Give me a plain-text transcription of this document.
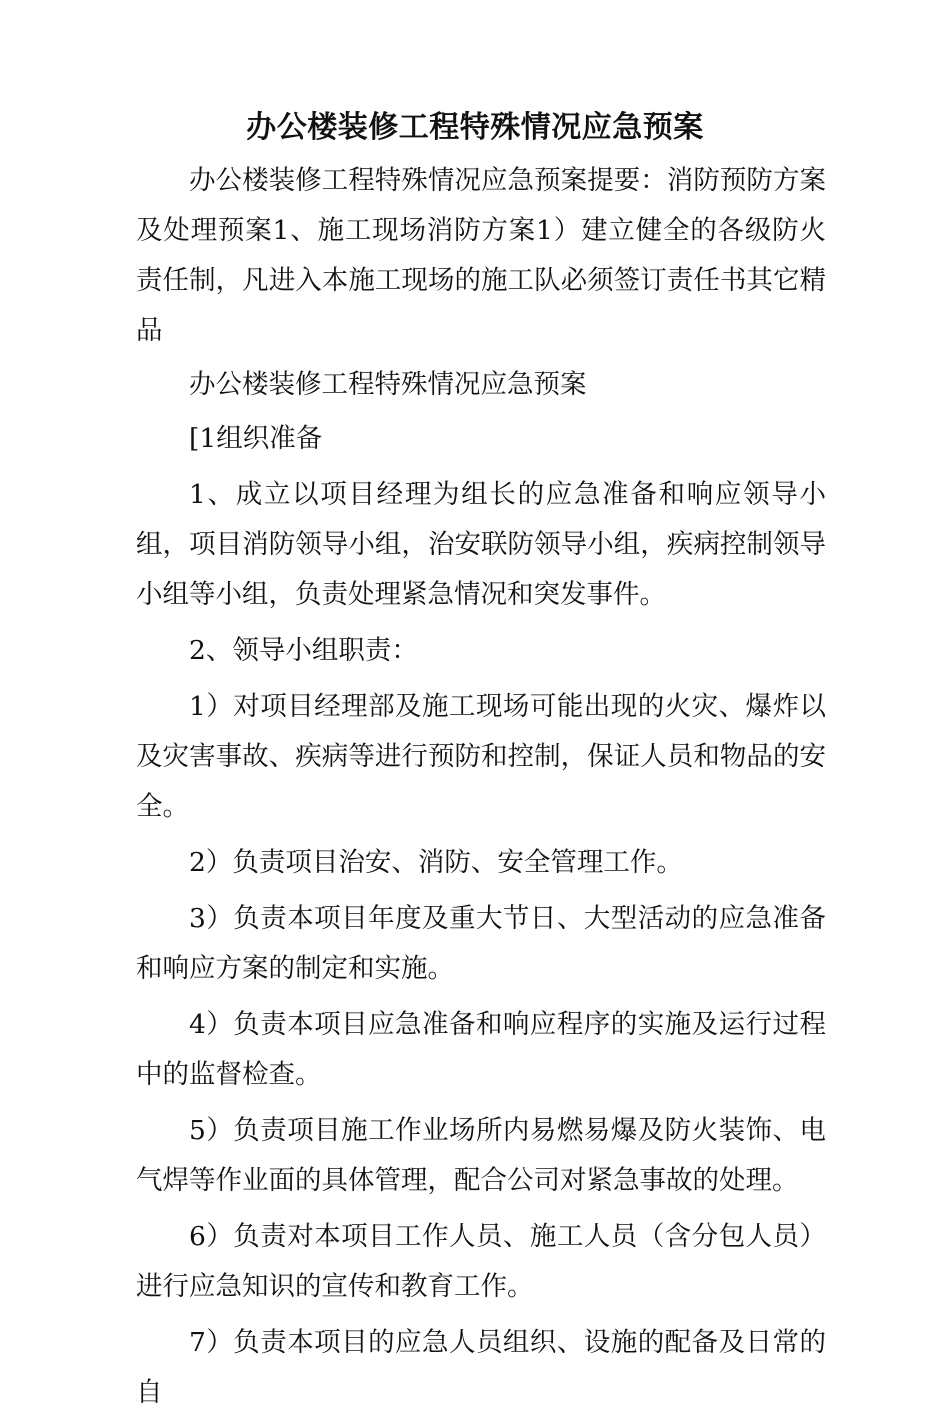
办公楼装修工程特殊情况应急预案

办公楼装修工程特殊情况应急预案提要：消防预防方案及处理预案1、施工现场消防方案1）建立健全的各级防火责任制，凡进入本施工现场的施工队必须签订责任书其它精品

办公楼装修工程特殊情况应急预案

[1组织准备

1、成立以项目经理为组长的应急准备和响应领导小组，项目消防领导小组，治安联防领导小组，疾病控制领导小组等小组，负责处理紧急情况和突发事件。

2、领导小组职责：

1）对项目经理部及施工现场可能出现的火灾、爆炸以及灾害事故、疾病等进行预防和控制，保证人员和物品的安全。

2）负责项目治安、消防、安全管理工作。

3）负责本项目年度及重大节日、大型活动的应急准备和响应方案的制定和实施。

4）负责本项目应急准备和响应程序的实施及运行过程中的监督检查。

5）负责项目施工作业场所内易燃易爆及防火装饰、电气焊等作业面的具体管理，配合公司对紧急事故的处理。

6）负责对本项目工作人员、施工人员（含分包人员）进行应急知识的宣传和教育工作。

7）负责本项目的应急人员组织、设施的配备及日常的自
